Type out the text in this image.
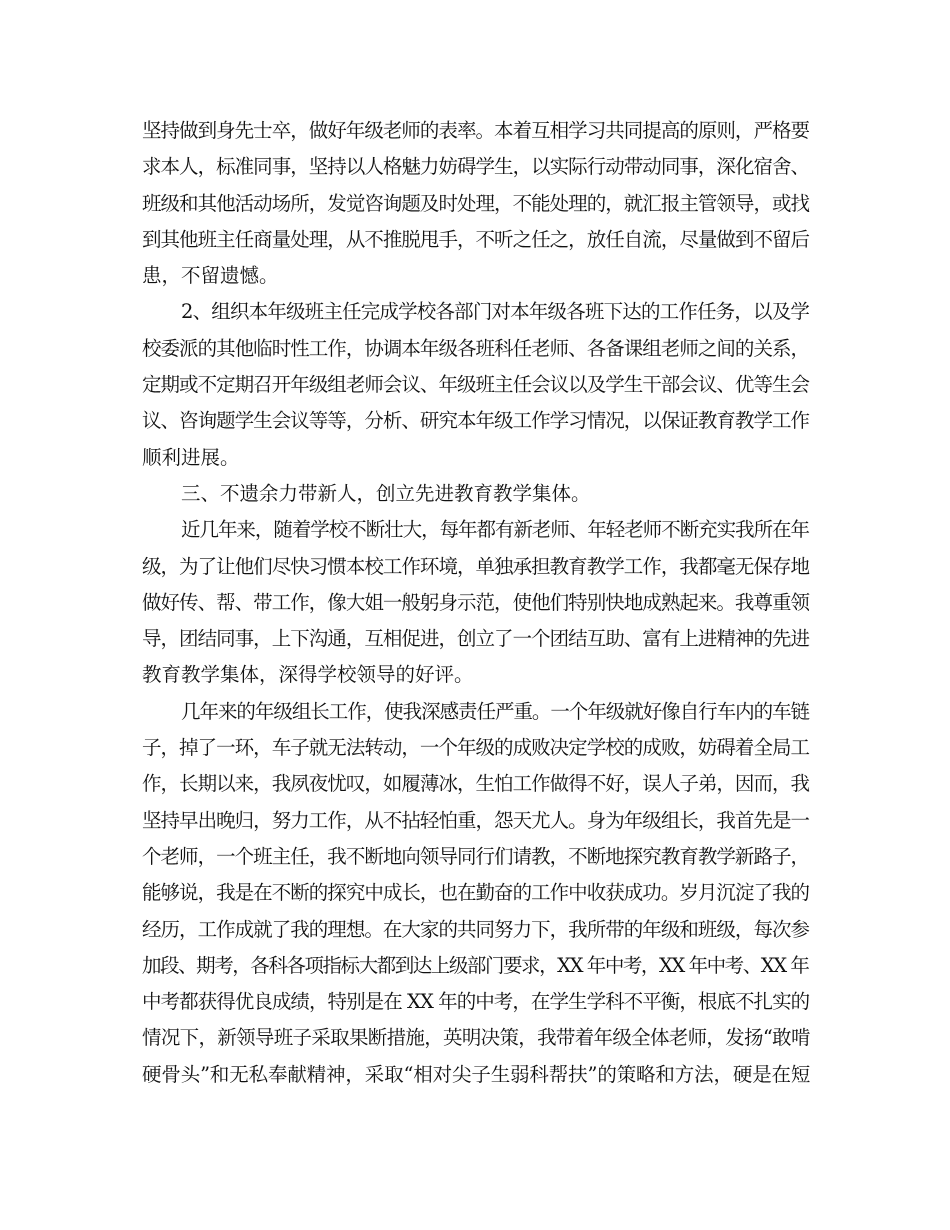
坚持做到身先士卒，做好年级老师的表率。本着互相学习共同提高的原则，严格要
求本人，标准同事，坚持以人格魅力妨碍学生，以实际行动带动同事，深化宿舍、
班级和其他活动场所，发觉咨询题及时处理，不能处理的，就汇报主管领导，或找
到其他班主任商量处理，从不推脱甩手，不听之任之，放任自流，尽量做到不留后
患，不留遗憾。
2、组织本年级班主任完成学校各部门对本年级各班下达的工作任务，以及学
校委派的其他临时性工作，协调本年级各班科任老师、各备课组老师之间的关系，
定期或不定期召开年级组老师会议、年级班主任会议以及学生干部会议、优等生会
议、咨询题学生会议等等，分析、研究本年级工作学习情况，以保证教育教学工作
顺利进展。
三、不遗余力带新人，创立先进教育教学集体。
近几年来，随着学校不断壮大，每年都有新老师、年轻老师不断充实我所在年
级，为了让他们尽快习惯本校工作环境，单独承担教育教学工作，我都毫无保存地
做好传、帮、带工作，像大姐一般躬身示范，使他们特别快地成熟起来。我尊重领
导，团结同事，上下沟通，互相促进，创立了一个团结互助、富有上进精神的先进
教育教学集体，深得学校领导的好评。
几年来的年级组长工作，使我深感责任严重。一个年级就好像自行车内的车链
子，掉了一环，车子就无法转动，一个年级的成败决定学校的成败，妨碍着全局工
作，长期以来，我夙夜忧叹，如履薄冰，生怕工作做得不好，误人子弟，因而，我
坚持早出晚归，努力工作，从不拈轻怕重，怨天尤人。身为年级组长，我首先是一
个老师，一个班主任，我不断地向领导同行们请教，不断地探究教育教学新路子，
能够说，我是在不断的探究中成长，也在勤奋的工作中收获成功。岁月沉淀了我的
经历，工作成就了我的理想。在大家的共同努力下，我所带的年级和班级，每次参
加段、期考，各科各项指标大都到达上级部门要求，XX 年中考，XX 年中考、XX 年
中考都获得优良成绩，特别是在 XX 年的中考，在学生学科不平衡，根底不扎实的
情况下，新领导班子采取果断措施，英明决策，我带着年级全体老师，发扬“敢啃
硬骨头”和无私奉献精神，采取“相对尖子生弱科帮扶”的策略和方法，硬是在短
